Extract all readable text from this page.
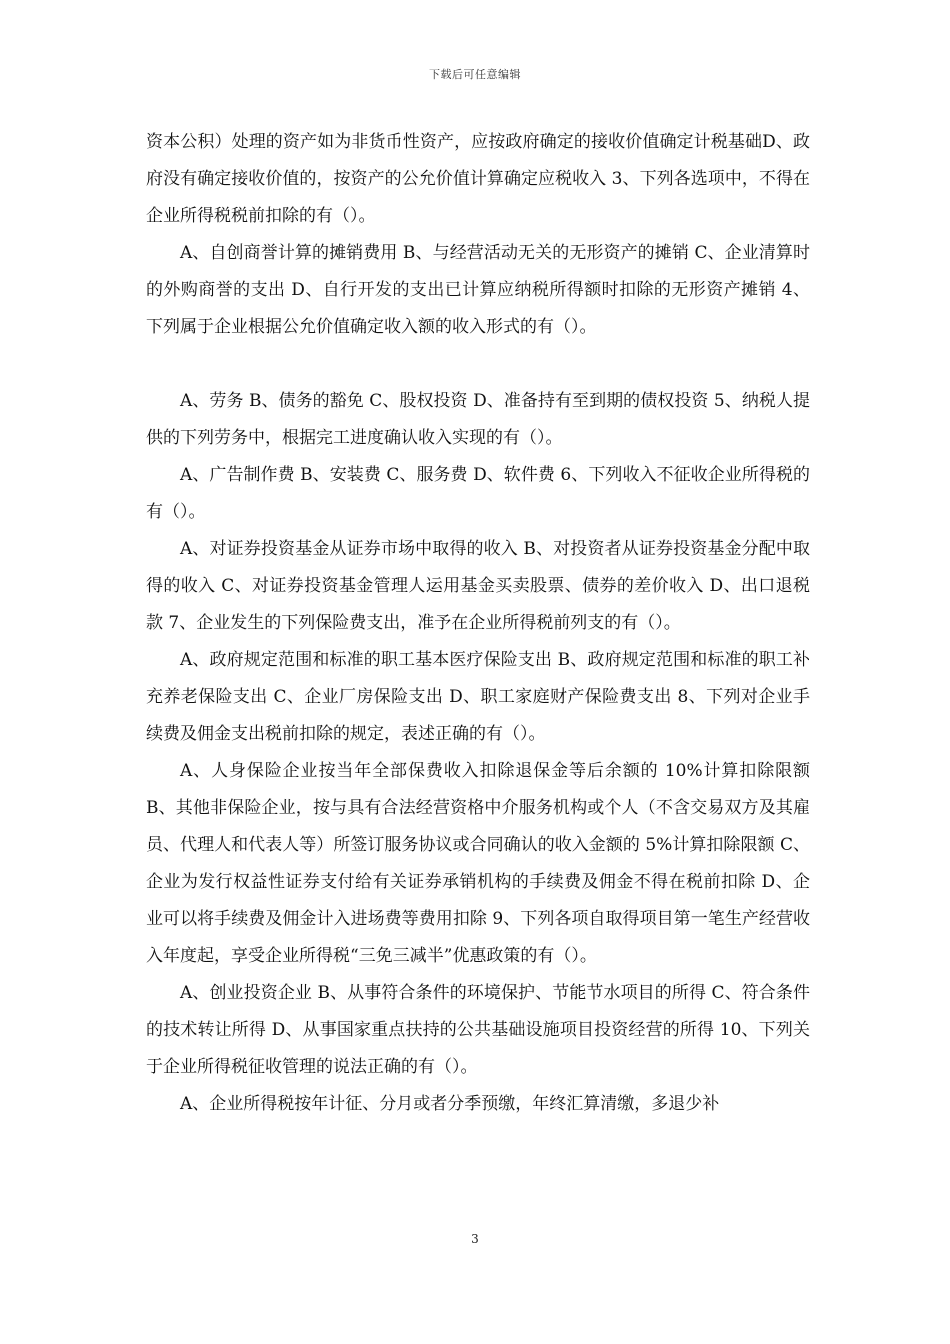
下载后可任意编辑

资本公积）处理的资产如为非货币性资产，应按政府确定的接收价值确定计税基础D、政府没有确定接收价值的，按资产的公允价值计算确定应税收入 3、下列各选项中，不得在企业所得税税前扣除的有（）。

A、自创商誉计算的摊销费用 B、与经营活动无关的无形资产的摊销 C、企业清算时的外购商誉的支出 D、自行开发的支出已计算应纳税所得额时扣除的无形资产摊销 4、下列属于企业根据公允价值确定收入额的收入形式的有（）。

A、劳务 B、债务的豁免 C、股权投资 D、准备持有至到期的债权投资 5、纳税人提供的下列劳务中，根据完工进度确认收入实现的有（）。

A、广告制作费 B、安装费 C、服务费 D、软件费 6、下列收入不征收企业所得税的有（）。

A、对证券投资基金从证券市场中取得的收入 B、对投资者从证券投资基金分配中取得的收入 C、对证券投资基金管理人运用基金买卖股票、债券的差价收入 D、出口退税款 7、企业发生的下列保险费支出，准予在企业所得税前列支的有（）。

A、政府规定范围和标准的职工基本医疗保险支出 B、政府规定范围和标准的职工补充养老保险支出 C、企业厂房保险支出 D、职工家庭财产保险费支出 8、下列对企业手续费及佣金支出税前扣除的规定，表述正确的有（）。

A、人身保险企业按当年全部保费收入扣除退保金等后余额的 10%计算扣除限额 B、其他非保险企业，按与具有合法经营资格中介服务机构或个人（不含交易双方及其雇员、代理人和代表人等）所签订服务协议或合同确认的收入金额的 5%计算扣除限额 C、企业为发行权益性证券支付给有关证券承销机构的手续费及佣金不得在税前扣除 D、企业可以将手续费及佣金计入进场费等费用扣除 9、下列各项自取得项目第一笔生产经营收入年度起，享受企业所得税“三免三减半”优惠政策的有（）。

A、创业投资企业 B、从事符合条件的环境保护、节能节水项目的所得 C、符合条件的技术转让所得 D、从事国家重点扶持的公共基础设施项目投资经营的所得 10、下列关于企业所得税征收管理的说法正确的有（）。

A、企业所得税按年计征、分月或者分季预缴，年终汇算清缴，多退少补

3
